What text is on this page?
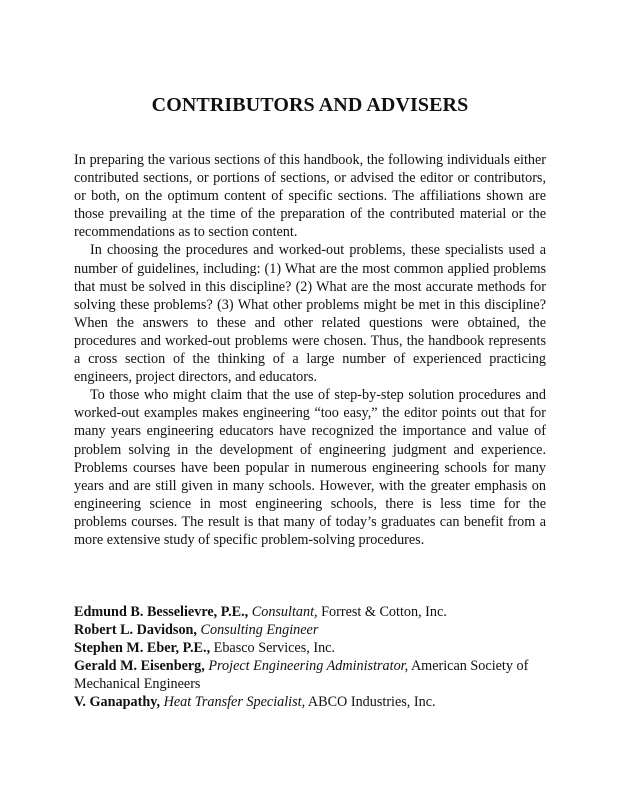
CONTRIBUTORS AND ADVISERS

In preparing the various sections of this handbook, the following individuals either contributed sections, or portions of sections, or advised the editor or contributors, or both, on the optimum content of specific sections. The affiliations shown are those prevailing at the time of the preparation of the contributed material or the recommendations as to section content.

In choosing the procedures and worked-out problems, these specialists used a number of guidelines, including: (1) What are the most common applied problems that must be solved in this discipline? (2) What are the most accurate methods for solving these problems? (3) What other problems might be met in this discipline? When the answers to these and other related questions were obtained, the procedures and worked-out problems were chosen. Thus, the handbook represents a cross section of the thinking of a large number of experienced practicing engineers, project directors, and educators.

To those who might claim that the use of step-by-step solution procedures and worked-out examples makes engineering “too easy,” the editor points out that for many years engineering educators have recognized the importance and value of problem solving in the development of engineering judgment and experience. Problems courses have been popular in numerous engineering schools for many years and are still given in many schools. However, with the greater emphasis on engineering science in most engineering schools, there is less time for the problems courses. The result is that many of today’s graduates can benefit from a more extensive study of specific problem-solving procedures.

Edmund B. Besselievre, P.E., Consultant, Forrest & Cotton, Inc.

Robert L. Davidson, Consulting Engineer

Stephen M. Eber, P.E., Ebasco Services, Inc.

Gerald M. Eisenberg, Project Engineering Administrator, American Society of Mechanical Engineers

V. Ganapathy, Heat Transfer Specialist, ABCO Industries, Inc.
